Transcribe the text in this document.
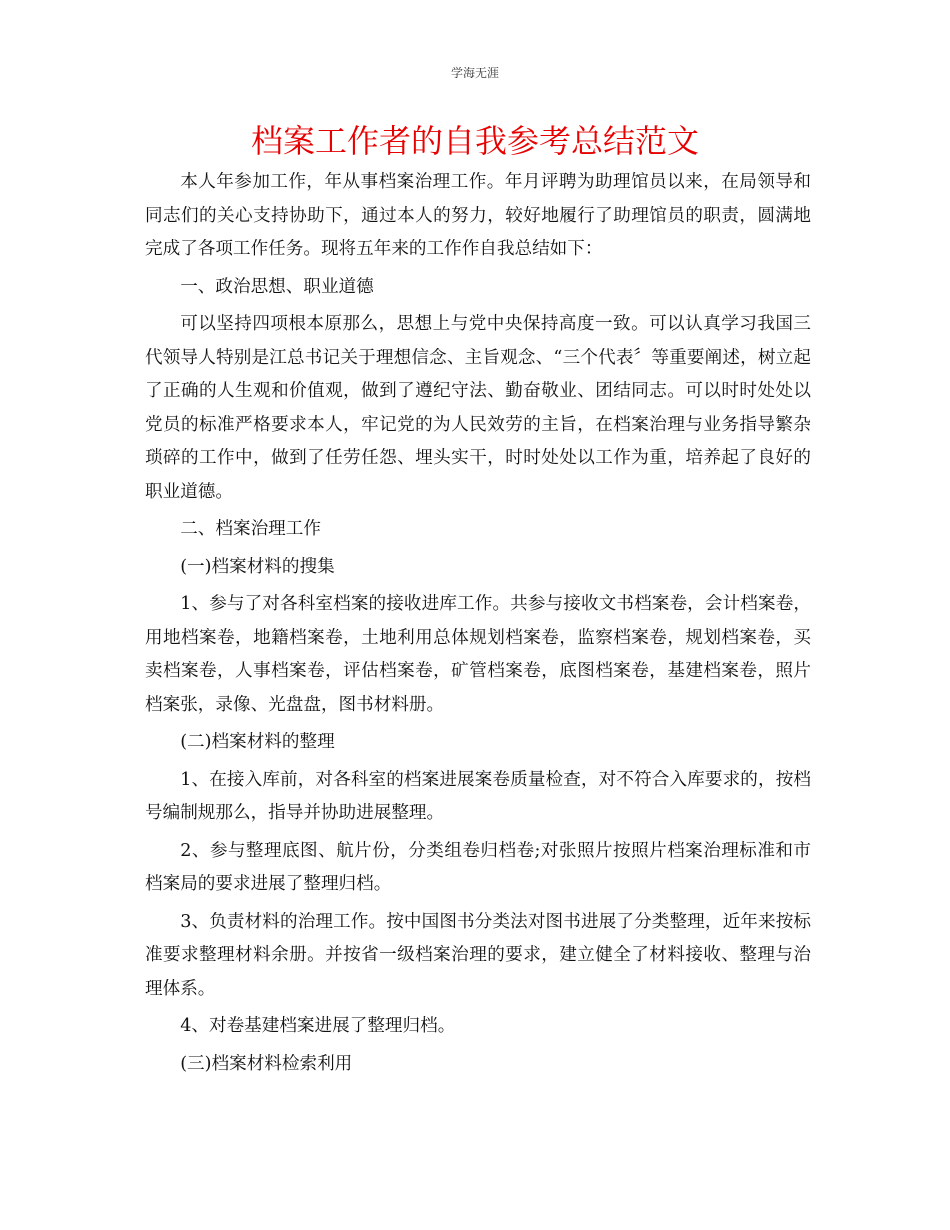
学海无涯
档案工作者的自我参考总结范文

本人年参加工作，年从事档案治理工作。年月评聘为助理馆员以来，在局领导和同志们的关心支持协助下，通过本人的努力，较好地履行了助理馆员的职责，圆满地完成了各项工作任务。现将五年来的工作作自我总结如下：

一、政治思想、职业道德

可以坚持四项根本原那么，思想上与党中央保持高度一致。可以认真学习我国三代领导人特别是江总书记关于理想信念、主旨观念、“三个代表〞等重要阐述，树立起了正确的人生观和价值观，做到了遵纪守法、勤奋敬业、团结同志。可以时时处处以党员的标准严格要求本人，牢记党的为人民效劳的主旨，在档案治理与业务指导繁杂琐碎的工作中，做到了任劳任怨、埋头实干，时时处处以工作为重，培养起了良好的职业道德。

二、档案治理工作

(一)档案材料的搜集

1、参与了对各科室档案的接收进库工作。共参与接收文书档案卷，会计档案卷，用地档案卷，地籍档案卷，土地利用总体规划档案卷，监察档案卷，规划档案卷，买卖档案卷，人事档案卷，评估档案卷，矿管档案卷，底图档案卷，基建档案卷，照片档案张，录像、光盘盘，图书材料册。

(二)档案材料的整理

1、在接入库前，对各科室的档案进展案卷质量检查，对不符合入库要求的，按档号编制规那么，指导并协助进展整理。

2、参与整理底图、航片份，分类组卷归档卷;对张照片按照片档案治理标准和市档案局的要求进展了整理归档。

3、负责材料的治理工作。按中国图书分类法对图书进展了分类整理，近年来按标准要求整理材料余册。并按省一级档案治理的要求，建立健全了材料接收、整理与治理体系。

4、对卷基建档案进展了整理归档。

(三)档案材料检索利用
